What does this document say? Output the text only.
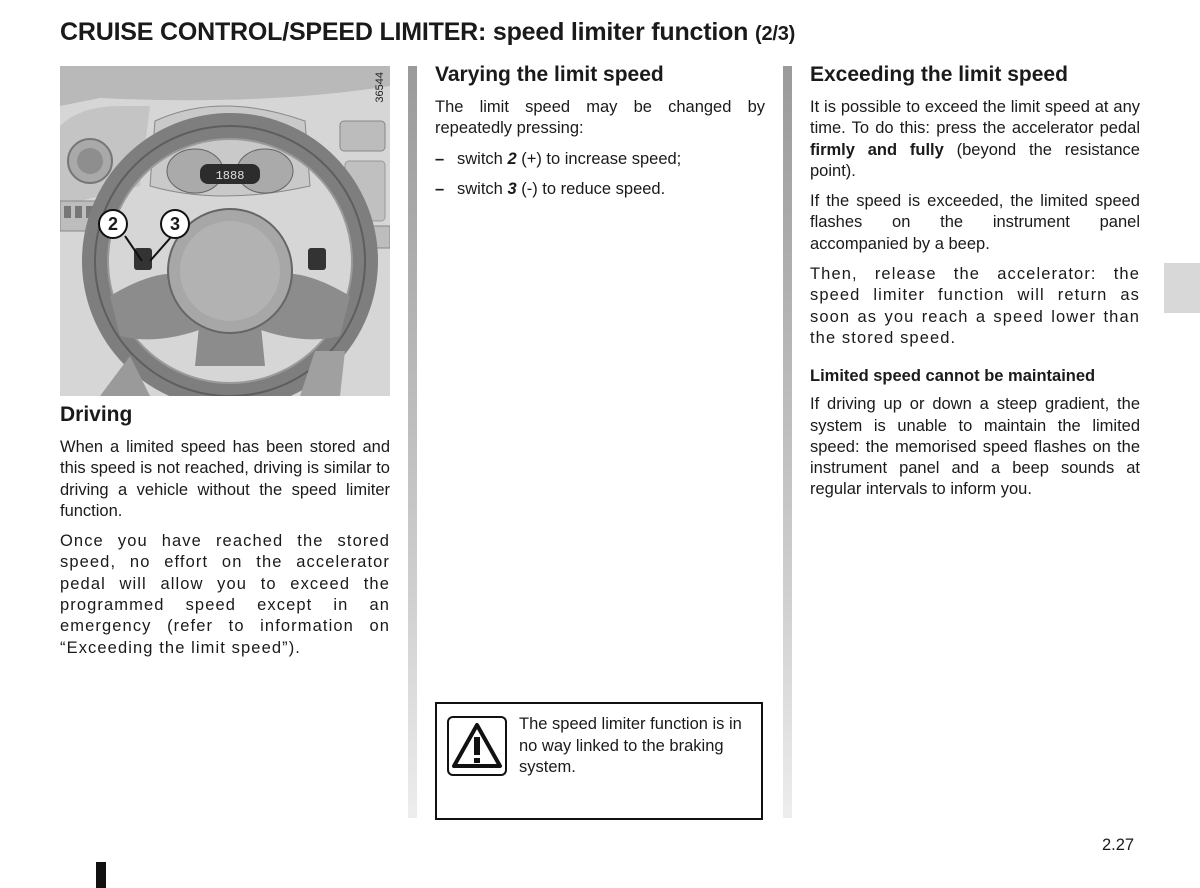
CRUISE CONTROL/SPEED LIMITER: speed limiter function (2/3)
1888
36544
2	3
Driving

When a limited speed has been stored and this speed is not reached, driving is similar to driving a vehicle without the speed limiter function.

Once you have reached the stored speed, no effort on the accelerator pedal will allow you to exceed the programmed speed except in an emergency (refer to information on “Exceeding the limit speed”).

Varying the limit speed

The limit speed may be changed by repeatedly pressing:

– switch 2 (+) to increase speed;
– switch 3 (-) to reduce speed.
The speed limiter function is in no way linked to the braking system.
Exceeding the limit speed

It is possible to exceed the limit speed at any time. To do this: press the accelerator pedal firmly and fully (beyond the resistance point).

If the speed is exceeded, the limited speed flashes on the instrument panel accompanied by a beep.

Then, release the accelerator: the speed limiter function will return as soon as you reach a speed lower than the stored speed.

Limited speed cannot be maintained

If driving up or down a steep gradient, the system is unable to maintain the limited speed: the memorised speed flashes on the instrument panel and a beep sounds at regular intervals to inform you.

2.27
